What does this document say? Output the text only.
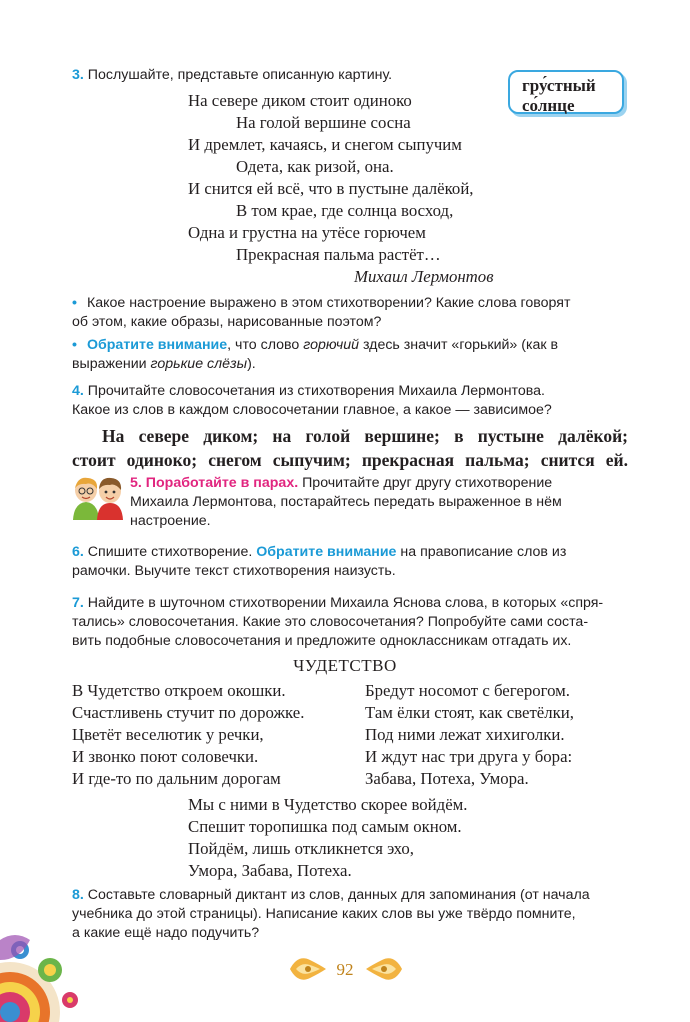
3. Послушайте, представьте описанную картину.
гру́стный
со́лнце
На севере диком стоит одиноко
На голой вершине сосна
И дремлет, качаясь, и снегом сыпучим
Одета, как ризой, она.
И снится ей всё, что в пустыне далёкой,
В том крае, где солнца восход,
Одна и грустна на утёсе горючем
Прекрасная пальма растёт…
Михаил Лермонтов
• Какое настроение выражено в этом стихотворении? Какие слова говорят
об этом, какие образы, нарисованные поэтом?
• Обратите внимание, что слово горючий здесь значит «горький» (как в
выражении горькие слёзы).
4. Прочитайте словосочетания из стихотворения Михаила Лермонтова.
Какое из слов в каждом словосочетании главное, а какое — зависимое?
На севере диком; на голой вершине; в пустыне далёкой;
стоит одиноко; снегом сыпучим; прекрасная пальма; снится ей.
5. Поработайте в парах. Прочитайте друг другу стихотворение
Михаила Лермонтова, постарайтесь передать выраженное в нём
настроение.
6. Спишите стихотворение. Обратите внимание на правописание слов из
рамочки. Выучите текст стихотворения наизусть.
7. Найдите в шуточном стихотворении Михаила Яснова слова, в которых «спря-
тались» словосочетания. Какие это словосочетания? Попробуйте сами соста-
вить подобные словосочетания и предложите одноклассникам отгадать их.
ЧУДЕТСТВО
В Чудетство откроем окошки.
Счастливень стучит по дорожке.
Цветёт веселютик у речки,
И звонко поют соловечки.
И где-то по дальним дорогам
Бредут носомот с бегерогом.
Там ёлки стоят, как светёлки,
Под ними лежат хихиголки.
И ждут нас три друга у бора:
Забава, Потеха, Умора.
Мы с ними в Чудетство скорее войдём.
Спешит торопишка под самым окном.
Пойдём, лишь откликнется эхо,
Умора, Забава, Потеха.
8. Составьте словарный диктант из слов, данных для запоминания (от начала
учебника до этой страницы). Написание каких слов вы уже твёрдо помните,
а какие ещё надо подучить?
92
